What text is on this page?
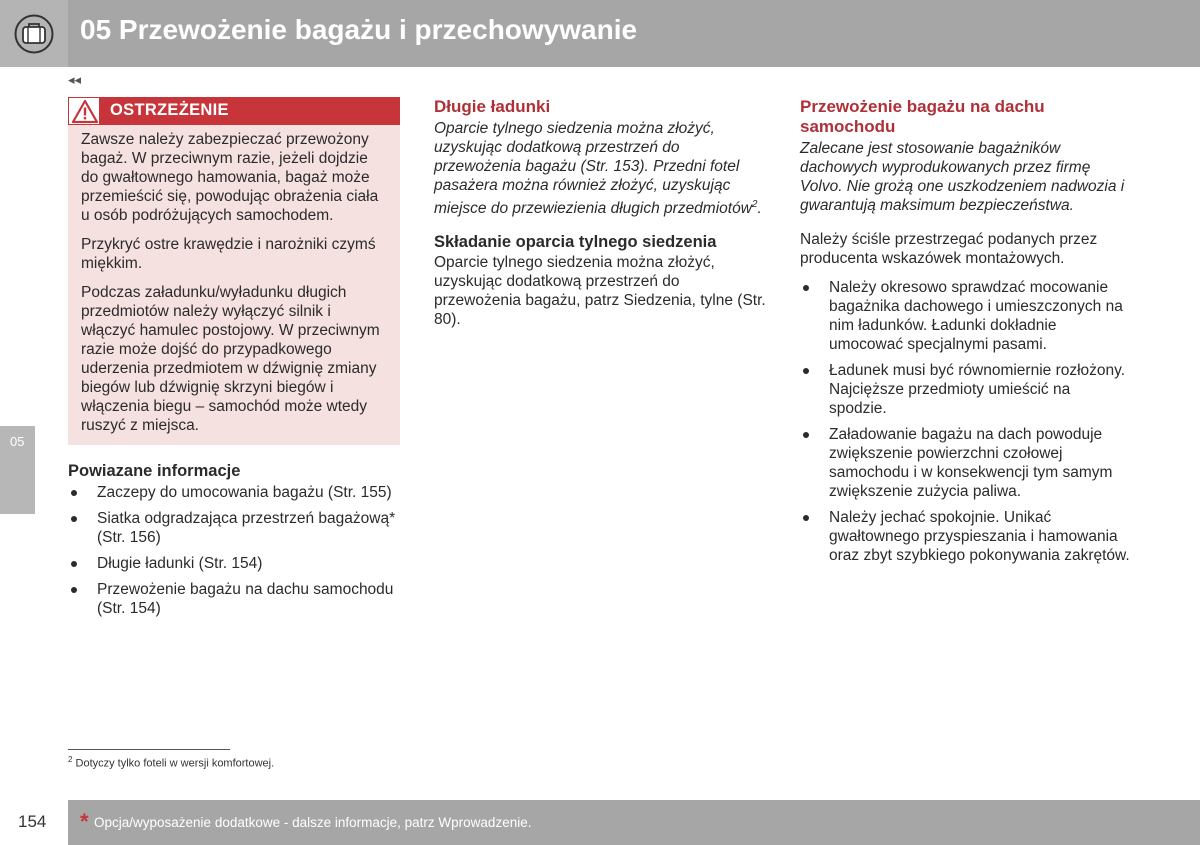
05 Przewożenie bagażu i przechowywanie
◂◂
05
OSTRZEŻENIE

Zawsze należy zabezpieczać przewożony bagaż. W przeciwnym razie, jeżeli dojdzie do gwałtownego hamowania, bagaż może przemieścić się, powodując obrażenia ciała u osób podróżujących samochodem.

Przykryć ostre krawędzie i narożniki czymś miękkim.

Podczas załadunku/wyładunku długich przedmiotów należy wyłączyć silnik i włączyć hamulec postojowy. W przeciwnym razie może dojść do przypadkowego uderzenia przedmiotem w dźwignię zmiany biegów lub dźwignię skrzyni biegów i włączenia biegu – samochód może wtedy ruszyć z miejsca.

Powiazane informacje
Zaczepy do umocowania bagażu (Str. 155)
Siatka odgradzająca przestrzeń bagażową* (Str. 156)
Długie ładunki (Str. 154)
Przewożenie bagażu na dachu samochodu (Str. 154)
Długie ładunki

Oparcie tylnego siedzenia można złożyć, uzyskując dodatkową przestrzeń do przewożenia bagażu (Str. 153). Przedni fotel pasażera można również złożyć, uzyskując miejsce do przewiezienia długich przedmiotów$^2$.

Składanie oparcia tylnego siedzenia

Oparcie tylnego siedzenia można złożyć, uzyskując dodatkową przestrzeń do przewożenia bagażu, patrz Siedzenia, tylne (Str. 80).

Przewożenie bagażu na dachu samochodu

Zalecane jest stosowanie bagażników dachowych wyprodukowanych przez firmę Volvo. Nie grożą one uszkodzeniem nadwozia i gwarantują maksimum bezpieczeństwa.

Należy ściśle przestrzegać podanych przez producenta wskazówek montażowych.

Należy okresowo sprawdzać mocowanie bagażnika dachowego i umieszczonych na nim ładunków. Ładunki dokładnie umocować specjalnymi pasami.
Ładunek musi być równomiernie rozłożony. Najcięższe przedmioty umieścić na spodzie.
Załadowanie bagażu na dach powoduje zwiększenie powierzchni czołowej samochodu i w konsekwencji tym samym zwiększenie zużycia paliwa.
Należy jechać spokojnie. Unikać gwałtownego przyspieszania i hamowania oraz zbyt szybkiego pokonywania zakrętów.
$^2$ Dotyczy tylko foteli w wersji komfortowej.
154 * Opcja/wyposażenie dodatkowe - dalsze informacje, patrz Wprowadzenie.
